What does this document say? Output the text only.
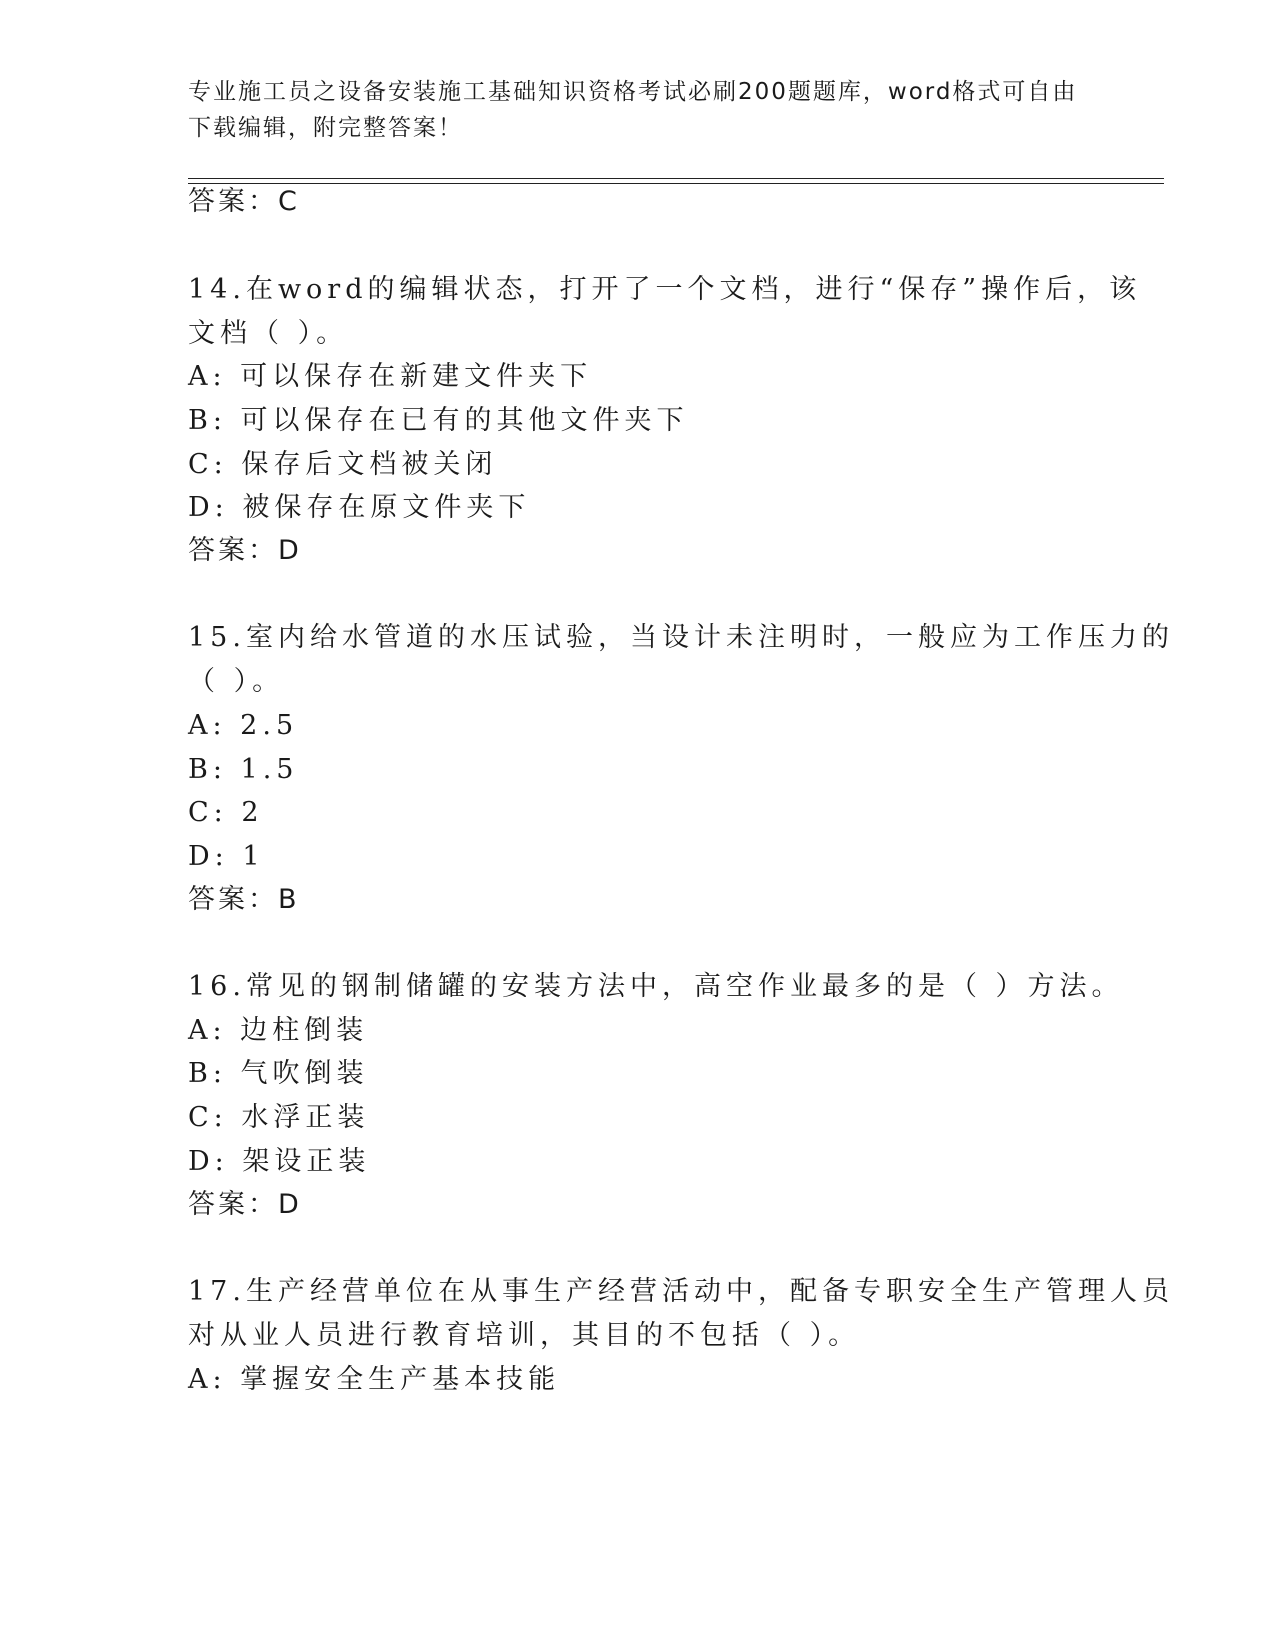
专业施工员之设备安装施工基础知识资格考试必刷200题题库，word格式可自由下载编辑，附完整答案！
答案：C
14.在word的编辑状态，打开了一个文档，进行“保存”操作后，该
文档（ ）。
A: 可以保存在新建文件夹下
B: 可以保存在已有的其他文件夹下
C: 保存后文档被关闭
D: 被保存在原文件夹下
答案：D
15.室内给水管道的水压试验，当设计未注明时，一般应为工作压力的
（ ）。
A: 2.5
B: 1.5
C: 2
D: 1
答案：B
16.常见的钢制储罐的安装方法中，高空作业最多的是（ ）方法。
A: 边柱倒装
B: 气吹倒装
C: 水浮正装
D: 架设正装
答案：D
17.生产经营单位在从事生产经营活动中，配备专职安全生产管理人员
对从业人员进行教育培训，其目的不包括（ ）。
A: 掌握安全生产基本技能
